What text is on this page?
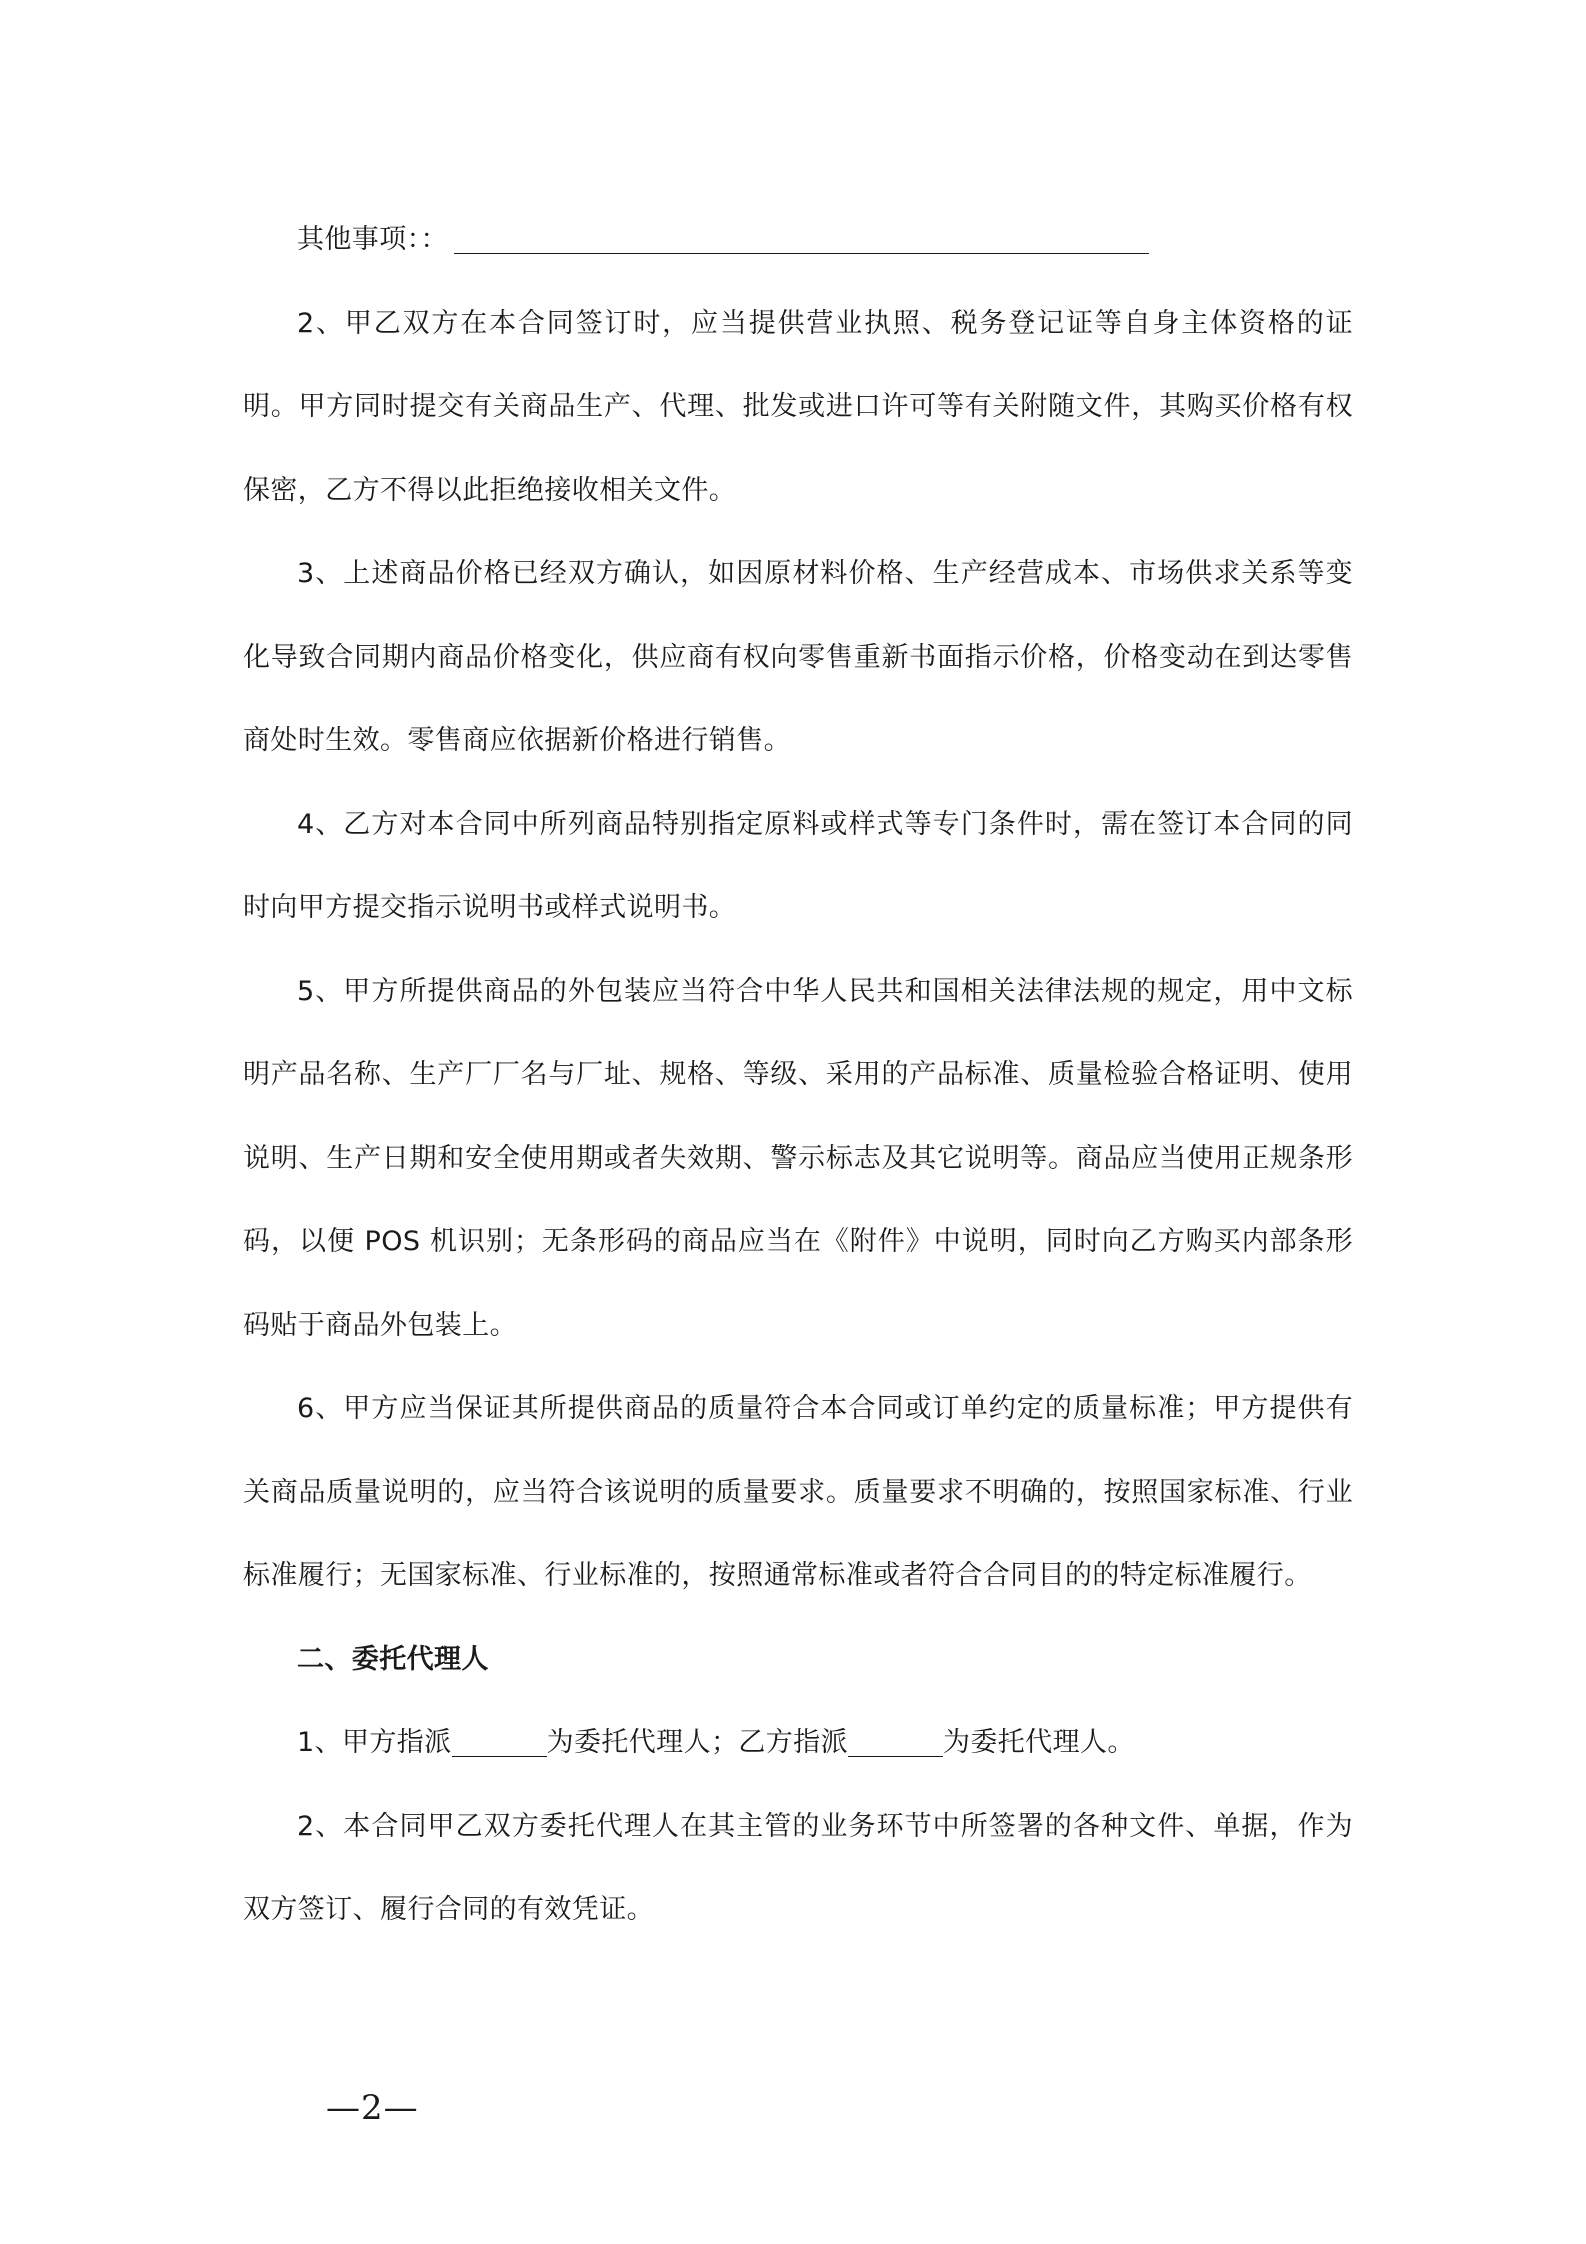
其他事项：：

2、甲乙双方在本合同签订时，应当提供营业执照、税务登记证等自身主体资格的证明。甲方同时提交有关商品生产、代理、批发或进口许可等有关附随文件，其购买价格有权保密，乙方不得以此拒绝接收相关文件。

3、上述商品价格已经双方确认，如因原材料价格、生产经营成本、市场供求关系等变化导致合同期内商品价格变化，供应商有权向零售重新书面指示价格，价格变动在到达零售商处时生效。零售商应依据新价格进行销售。

4、乙方对本合同中所列商品特别指定原料或样式等专门条件时，需在签订本合同的同时向甲方提交指示说明书或样式说明书。

5、甲方所提供商品的外包装应当符合中华人民共和国相关法律法规的规定，用中文标明产品名称、生产厂厂名与厂址、规格、等级、采用的产品标准、质量检验合格证明、使用说明、生产日期和安全使用期或者失效期、警示标志及其它说明等。商品应当使用正规条形码，以便 POS 机识别；无条形码的商品应当在《附件》中说明，同时向乙方购买内部条形码贴于商品外包装上。

6、甲方应当保证其所提供商品的质量符合本合同或订单约定的质量标准；甲方提供有关商品质量说明的，应当符合该说明的质量要求。质量要求不明确的，按照国家标准、行业标准履行；无国家标准、行业标准的，按照通常标准或者符合合同目的的特定标准履行。

二、委托代理人

1、甲方指派	为委托代理人；乙方指派	为委托代理人。

2、本合同甲乙双方委托代理人在其主管的业务环节中所签署的各种文件、单据，作为双方签订、履行合同的有效凭证。

—2—
